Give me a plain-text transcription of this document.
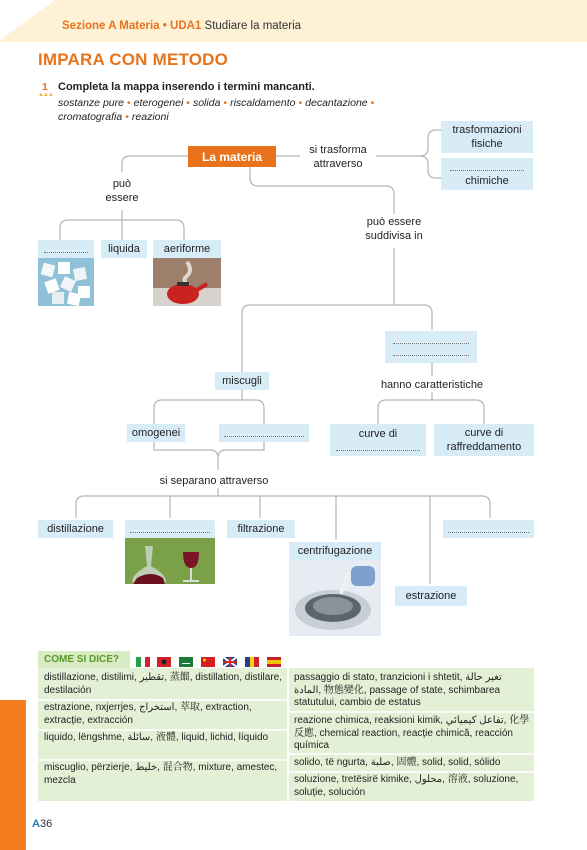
Sezione A Materia • UDA1 Studiare la materia
IMPARA CON METODO
1
▲▲▲
Completa la mappa inserendo i termini mancanti.
sostanze pure • eterogenei • solida • riscaldamento • decantazione •
cromatografia • reazioni
La materia	si trasforma attraverso
trasformazioni fisiche
chimiche
può essere
liquida	aeriforme
può essere suddivisa in
miscugli	hanno caratteristiche
omogenei	curve di	curve di raffreddamento
si separano attraverso
distillazione	filtrazione
centrifugazione
estrazione
COME SI DICE?
distillazione, distilimi, تقطير, 蒸餾, distillation, distilare, destilación
estrazione, nxjerrjes, استخراج, 萃取, extraction, extracție, extracción
liquido, lëngshme, سائلة, 液體, liquid, lichid, líquido
miscuglio, përzierje, خليط, 混合物, mixture, amestec, mezcla
passaggio di stato, tranzicioni i shtetit, تغير حالة المادة, 物態變化, passage of state, schimbarea statutului, cambio de estatus
reazione chimica, reaksioni kimik, تفاعل كيميائي, 化學反應, chemical reaction, reacție chimică, reacción química
solido, të ngurta, صلبة, 固體, solid, solid, sólido
soluzione, tretësirë kimike, محلول, 溶液, soluzione, soluție, solución
A36
